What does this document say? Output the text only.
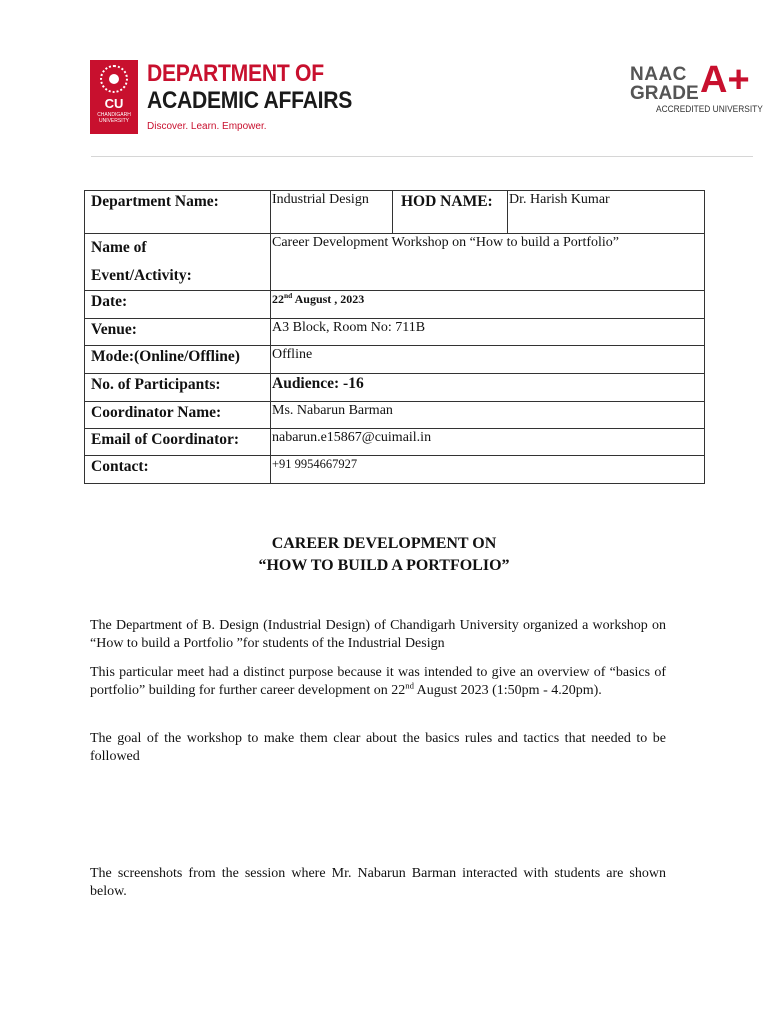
CU
CHANDIGARH UNIVERSITY
DEPARTMENT OF
ACADEMIC AFFAIRS
Discover. Learn. Empower.
NAAC
GRADE A+
ACCREDITED UNIVERSITY
Department Name:	Industrial Design	HOD NAME:	Dr. Harish Kumar

Name of
Event/Activity:	Career Development Workshop on “How to build a Portfolio”		
Date:	22nd August , 2023		
Venue:	A3 Block, Room No: 711B		
Mode:(Online/Offline)	Offline		
No. of Participants:	Audience: -16		
Coordinator Name:	Ms. Nabarun Barman		
Email of Coordinator:	nabarun.e15867@cuimail.in		
Contact:	+91 9954667927		
CAREER DEVELOPMENT ON
“HOW TO BUILD A PORTFOLIO”
The Department of B. Design (Industrial Design) of Chandigarh University organized a workshop on “How to build a Portfolio ”for students of the Industrial Design
This particular meet had a distinct purpose because it was intended to give an overview of “basics of portfolio” building for further career development on 22nd August 2023 (1:50pm - 4.20pm).
The goal of the workshop to make them clear about the basics rules and tactics that needed to be followed
The screenshots from the session where Mr. Nabarun Barman interacted with students are shown below.
